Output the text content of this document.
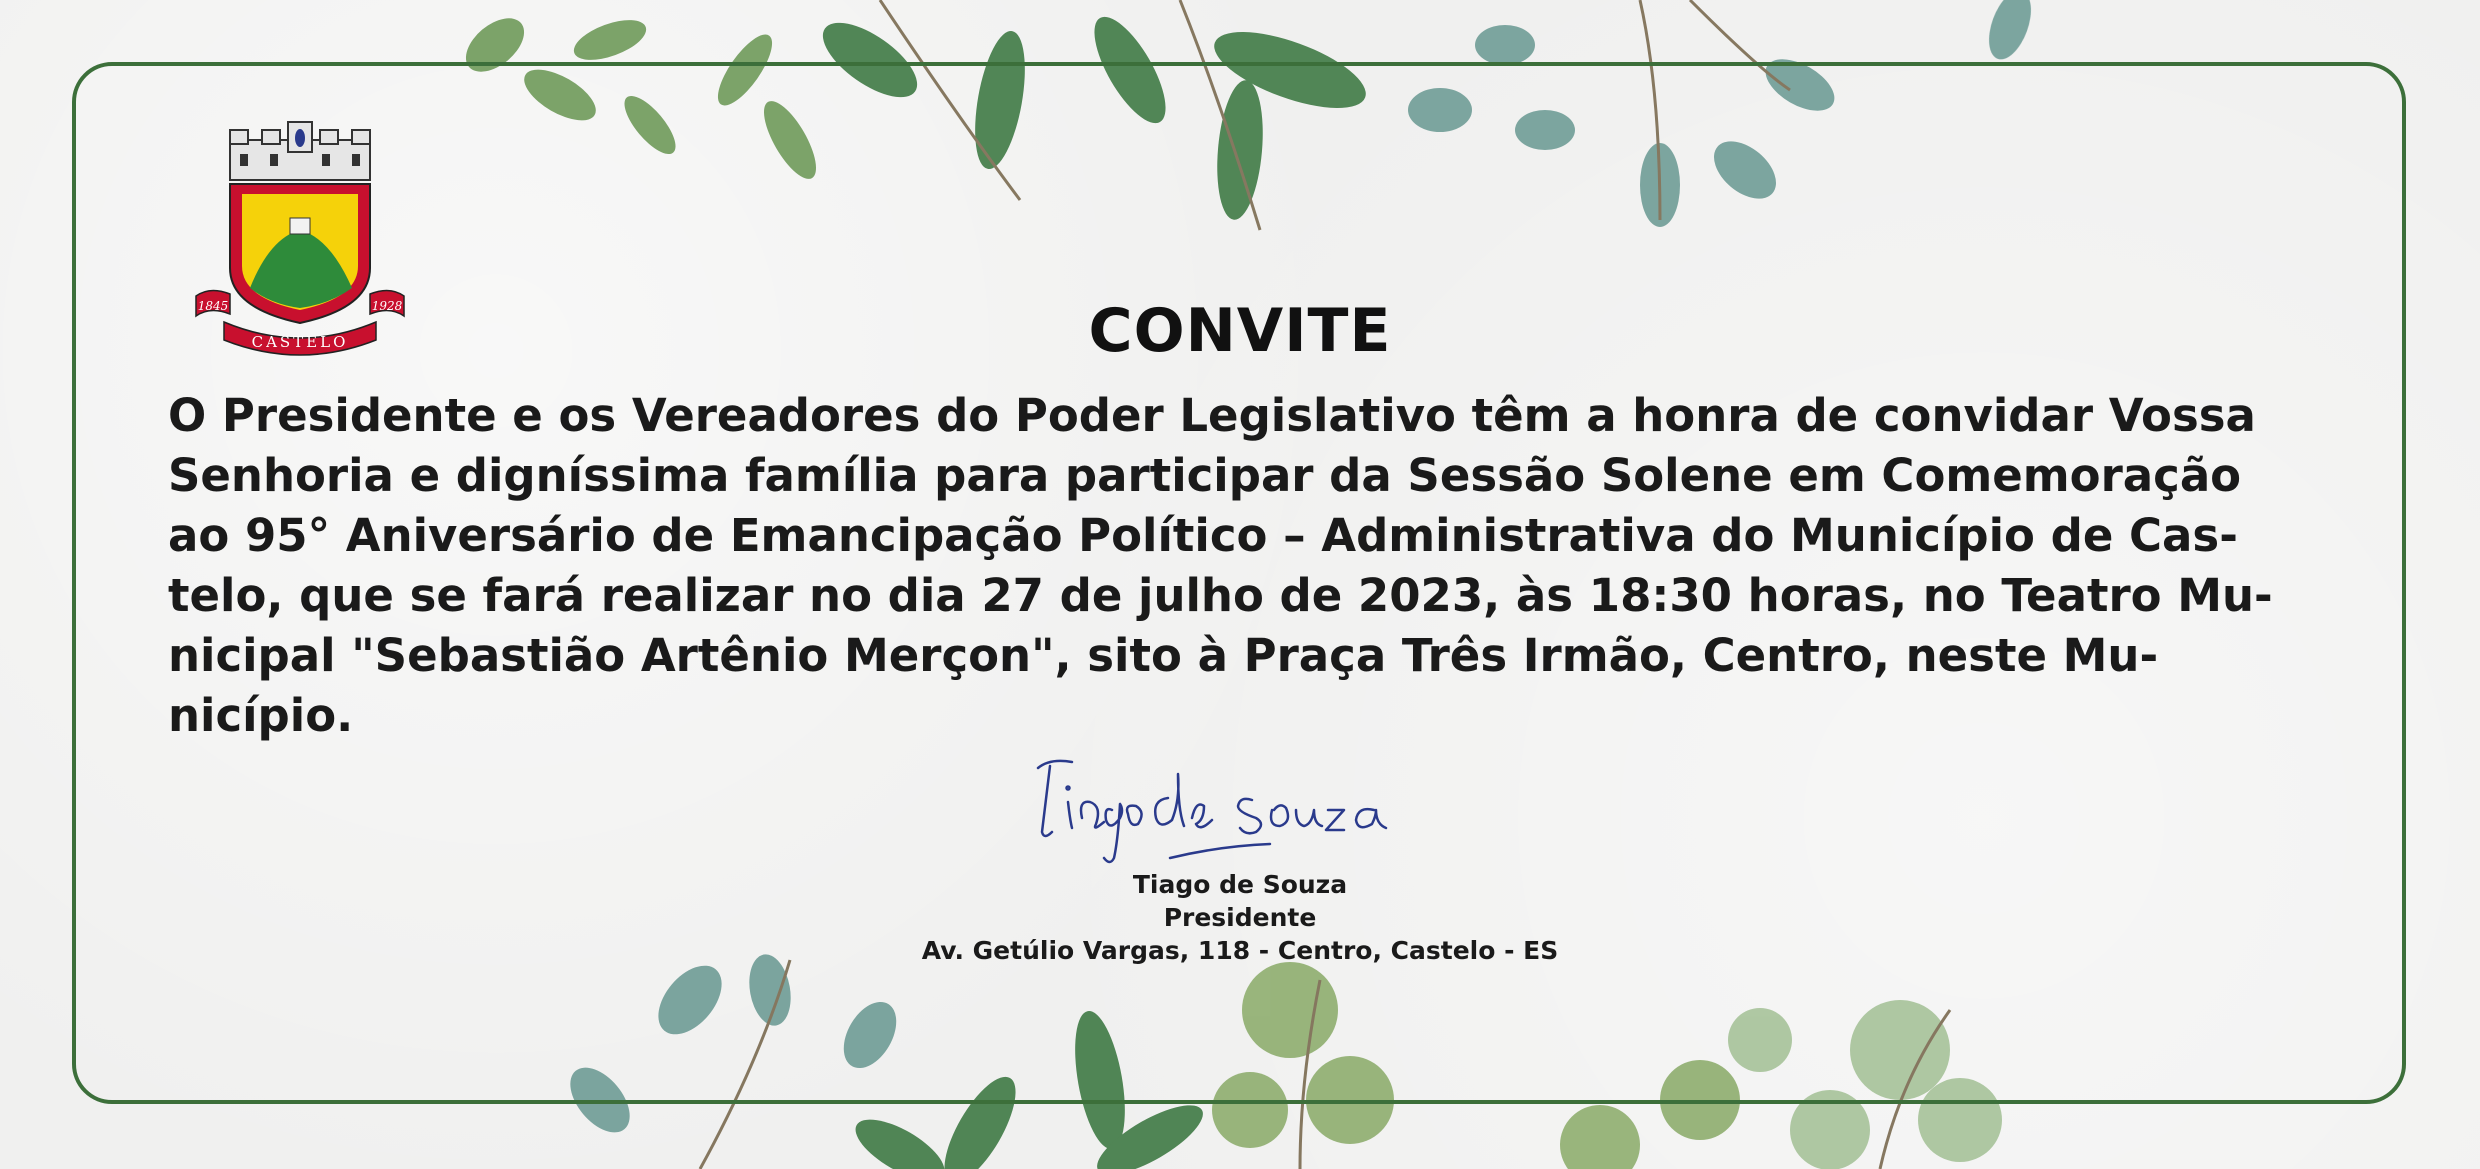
1845	1928
CASTELO	CONVITE
O Presidente e os Vereadores do Poder Legislativo têm a honra de convidar Vossa
Senhoria e digníssima família para participar da Sessão Solene em Comemoração
ao 95° Aniversário de Emancipação Político – Administrativa do Município de Cas-
telo, que se fará realizar no dia 27 de julho de 2023, às 18:30 horas, no Teatro Mu-
nicipal "Sebastião Artênio Merçon", sito à Praça Três Irmão, Centro, neste Mu-
nicípio.
Tiago de Souza
Presidente
Av. Getúlio Vargas, 118 - Centro, Castelo - ES
